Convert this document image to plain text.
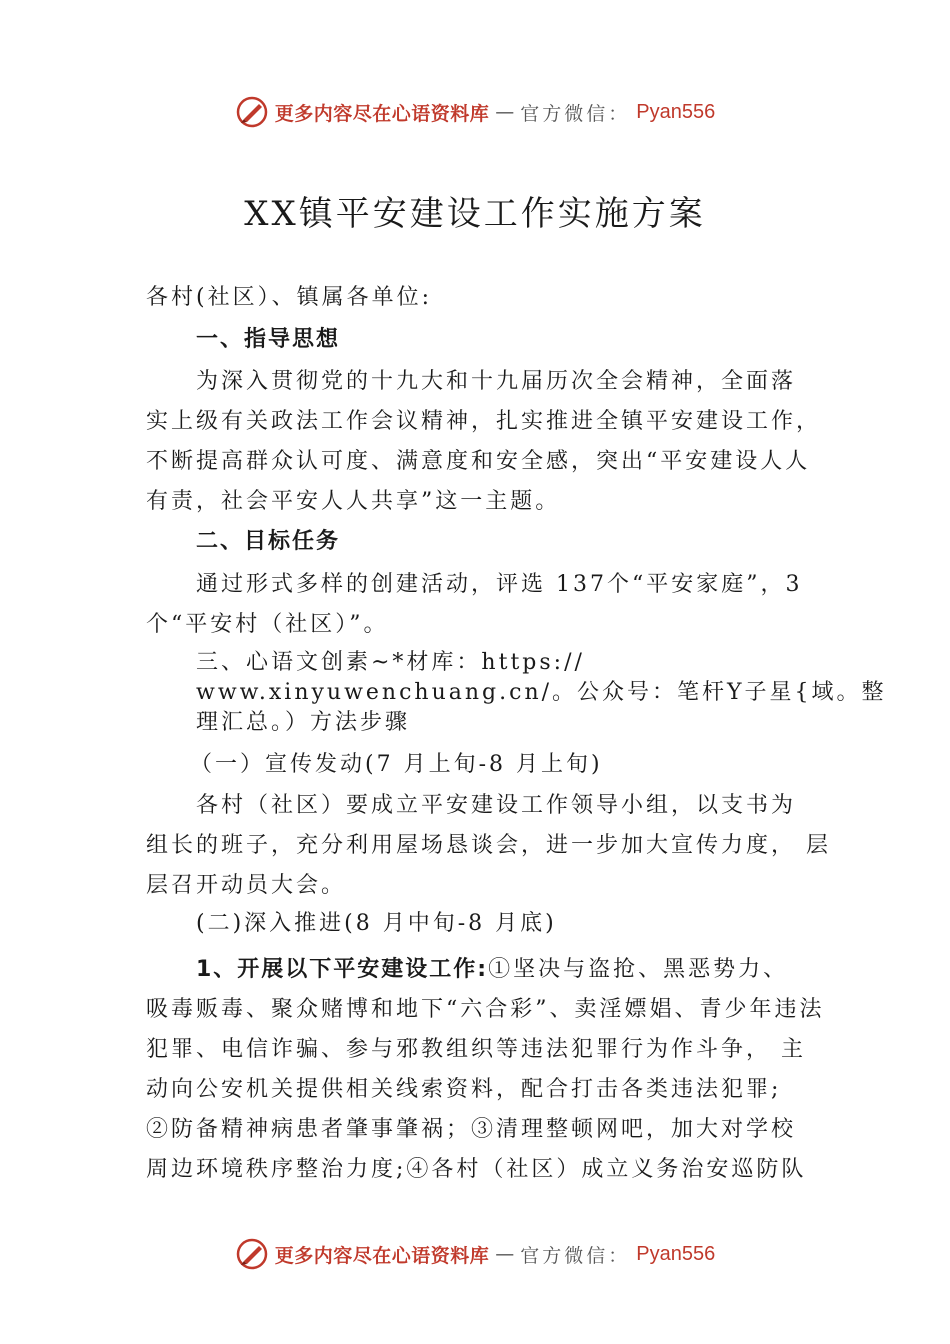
更多内容尽在心语资料库 — 官方微信： Pyan556
XX镇平安建设工作实施方案
各村(社区）、镇属各单位:
一、指导思想
为深入贯彻党的十九大和十九届历次全会精神，全面落
实上级有关政法工作会议精神，扎实推进全镇平安建设工作，
不断提高群众认可度、满意度和安全感，突出“平安建设人人
有责，社会平安人人共享”这一主题。
二、目标任务
通过形式多样的创建活动，评选 137个“平安家庭”，3
个“平安村（社区）”。
三、心语文创素~*材库：https://
www.xinyuwenchuang.cn/。公众号：笔杆Y子星{域。整
理汇总。）方法步骤
（一）宣传发动(7 月上旬-8 月上旬)
各村（社区）要成立平安建设工作领导小组，以支书为
组长的班子，充分利用屋场恳谈会，进一步加大宣传力度， 层
层召开动员大会。
(二)深入推进(8 月中旬-8 月底)
1、开展以下平安建设工作:①坚决与盗抢、黑恶势力、
吸毒贩毒、聚众赌博和地下“六合彩”、卖淫嫖娼、青少年违法
犯罪、电信诈骗、参与邪教组织等违法犯罪行为作斗争， 主
动向公安机关提供相关线索资料，配合打击各类违法犯罪;
②防备精神病患者肇事肇祸；③清理整顿网吧，加大对学校
周边环境秩序整治力度;④各村（社区）成立义务治安巡防队
更多内容尽在心语资料库 — 官方微信： Pyan556
